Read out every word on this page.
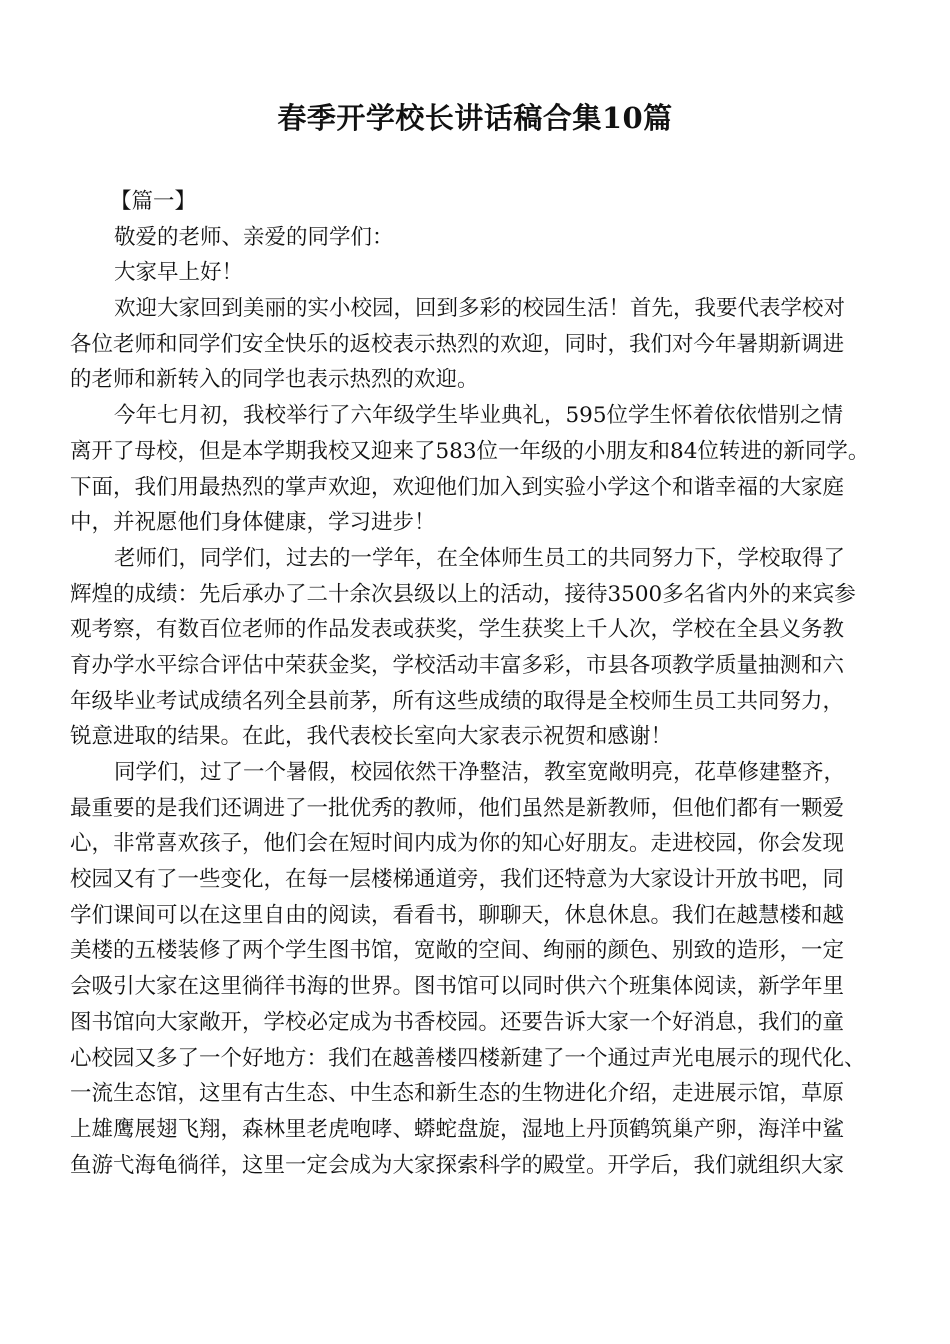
春季开学校长讲话稿合集10篇
【篇一】
敬爱的老师、亲爱的同学们：
大家早上好！
欢迎大家回到美丽的实小校园，回到多彩的校园生活！首先，我要代表学校对
各位老师和同学们安全快乐的返校表示热烈的欢迎，同时，我们对今年暑期新调进
的老师和新转入的同学也表示热烈的欢迎。
今年七月初，我校举行了六年级学生毕业典礼，595位学生怀着依依惜别之情
离开了母校，但是本学期我校又迎来了583位一年级的小朋友和84位转进的新同学。
下面，我们用最热烈的掌声欢迎，欢迎他们加入到实验小学这个和谐幸福的大家庭
中，并祝愿他们身体健康，学习进步！
老师们，同学们，过去的一学年，在全体师生员工的共同努力下，学校取得了
辉煌的成绩：先后承办了二十余次县级以上的活动，接待3500多名省内外的来宾参
观考察，有数百位老师的作品发表或获奖，学生获奖上千人次，学校在全县义务教
育办学水平综合评估中荣获金奖，学校活动丰富多彩，市县各项教学质量抽测和六
年级毕业考试成绩名列全县前茅，所有这些成绩的取得是全校师生员工共同努力，
锐意进取的结果。在此，我代表校长室向大家表示祝贺和感谢！
同学们，过了一个暑假，校园依然干净整洁，教室宽敞明亮，花草修建整齐，
最重要的是我们还调进了一批优秀的教师，他们虽然是新教师，但他们都有一颗爱
心，非常喜欢孩子，他们会在短时间内成为你的知心好朋友。走进校园，你会发现
校园又有了一些变化，在每一层楼梯通道旁，我们还特意为大家设计开放书吧，同
学们课间可以在这里自由的阅读，看看书，聊聊天，休息休息。我们在越慧楼和越
美楼的五楼装修了两个学生图书馆，宽敞的空间、绚丽的颜色、别致的造形，一定
会吸引大家在这里徜徉书海的世界。图书馆可以同时供六个班集体阅读，新学年里
图书馆向大家敞开，学校必定成为书香校园。还要告诉大家一个好消息，我们的童
心校园又多了一个好地方：我们在越善楼四楼新建了一个通过声光电展示的现代化、
一流生态馆，这里有古生态、中生态和新生态的生物进化介绍，走进展示馆，草原
上雄鹰展翅飞翔，森林里老虎咆哮、蟒蛇盘旋，湿地上丹顶鹤筑巢产卵，海洋中鲨
鱼游弋海龟徜徉，这里一定会成为大家探索科学的殿堂。开学后，我们就组织大家
